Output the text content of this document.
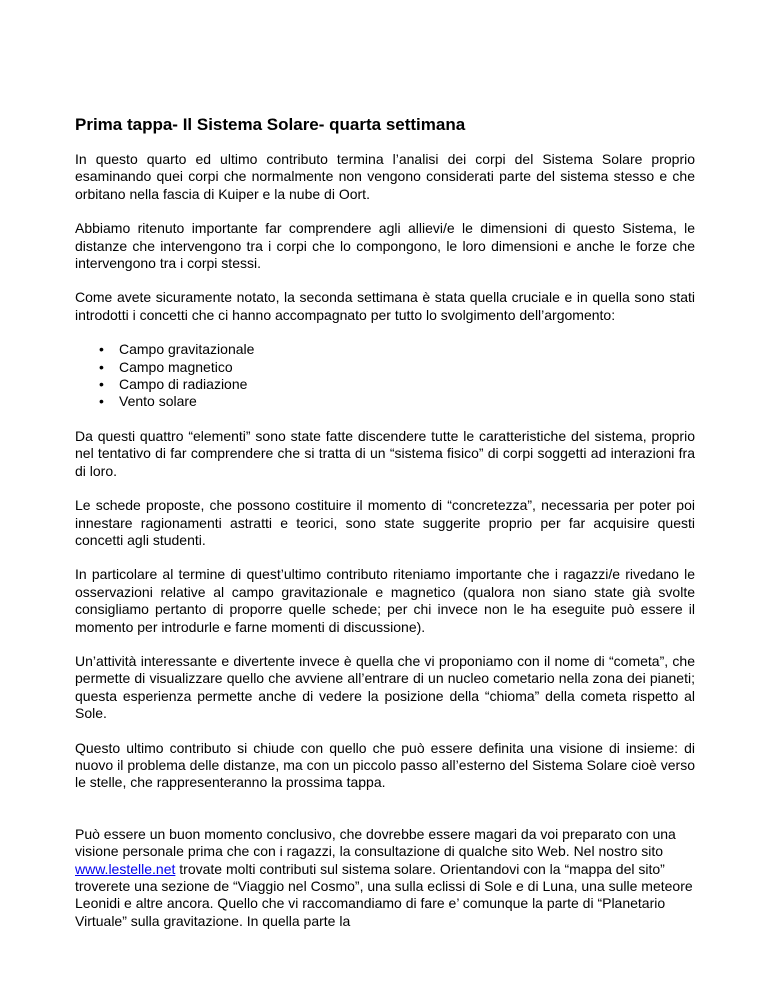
Prima tappa- Il Sistema Solare- quarta settimana

In questo quarto ed ultimo contributo termina l’analisi dei corpi del Sistema Solare proprio esaminando quei corpi che normalmente non vengono considerati parte del sistema stesso e che orbitano nella fascia di Kuiper e la nube di Oort.

Abbiamo ritenuto importante far comprendere agli allievi/e le dimensioni di questo Sistema, le distanze che intervengono tra i corpi che lo compongono, le loro dimensioni e anche le forze che intervengono tra i corpi stessi.

Come avete sicuramente notato, la seconda settimana è stata quella cruciale e in quella sono stati introdotti i concetti che ci hanno accompagnato per tutto lo svolgimento dell’argomento:

• Campo gravitazionale
• Campo magnetico
• Campo di radiazione
• Vento solare

Da questi quattro “elementi” sono state fatte discendere tutte le caratteristiche del sistema, proprio nel tentativo di far comprendere che si tratta di un “sistema fisico” di corpi soggetti ad interazioni fra di loro.

Le schede proposte, che possono costituire il momento di “concretezza”, necessaria per poter poi innestare ragionamenti astratti e teorici, sono state suggerite proprio per far acquisire questi concetti agli studenti.

In particolare al termine di quest’ultimo contributo riteniamo importante che i ragazzi/e rivedano le osservazioni relative al campo gravitazionale e magnetico (qualora non siano state già svolte consigliamo pertanto di proporre quelle schede; per chi invece non le ha eseguite può essere il momento per introdurle e farne momenti di discussione).

Un’attività interessante e divertente invece è quella che vi proponiamo con il nome di “cometa”, che permette di visualizzare quello che avviene all’entrare di un nucleo cometario nella zona dei pianeti; questa esperienza permette anche di vedere la posizione della “chioma” della cometa rispetto al Sole.

Questo ultimo contributo si chiude con quello che può essere definita una visione di insieme: di nuovo il problema delle distanze, ma con un piccolo passo all’esterno del Sistema Solare cioè verso le stelle, che rappresenteranno la prossima tappa.

Può essere un buon momento conclusivo, che dovrebbe essere magari da voi preparato con una visione personale prima che con i ragazzi, la consultazione di qualche sito Web. Nel nostro sito www.lestelle.net trovate molti contributi sul sistema solare. Orientandovi con la “mappa del sito” troverete una sezione de “Viaggio nel Cosmo”, una sulla eclissi di Sole e di Luna, una sulle meteore Leonidi e altre ancora. Quello che vi raccomandiamo di fare e’ comunque la parte di “Planetario Virtuale” sulla gravitazione. In quella parte la
